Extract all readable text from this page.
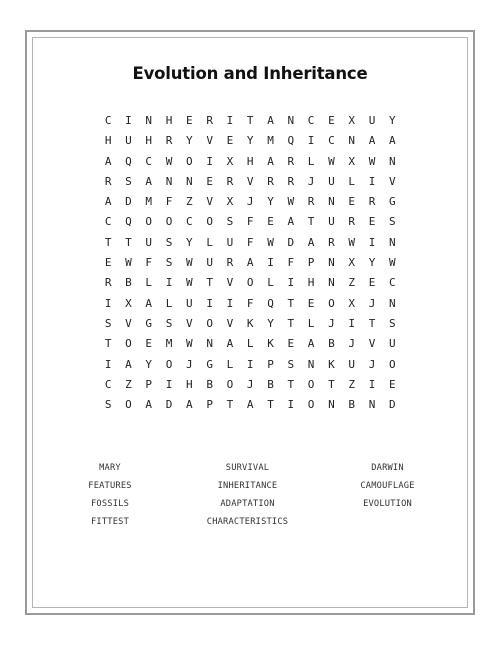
Evolution and Inheritance
C	I	N	H	E	R	I	T	A	N	C	E	X	U	Y
H	U	H	R	Y	V	E	Y	M	Q	I	C	N	A	A
A	Q	C	W	O	I	X	H	A	R	L	W	X	W	N
R	S	A	N	N	E	R	V	R	R	J	U	L	I	V
A	D	M	F	Z	V	X	J	Y	W	R	N	E	R	G
C	Q	O	O	C	O	S	F	E	A	T	U	R	E	S
T	T	U	S	Y	L	U	F	W	D	A	R	W	I	N
E	W	F	S	W	U	R	A	I	F	P	N	X	Y	W
R	B	L	I	W	T	V	O	L	I	H	N	Z	E	C
I	X	A	L	U	I	I	F	Q	T	E	O	X	J	N
S	V	G	S	V	O	V	K	Y	T	L	J	I	T	S
T	O	E	M	W	N	A	L	K	E	A	B	J	V	U
I	A	Y	O	J	G	L	I	P	S	N	K	U	J	O
C	Z	P	I	H	B	O	J	B	T	O	T	Z	I	E
S	O	A	D	A	P	T	A	T	I	O	N	B	N	D
MARY	SURVIVAL	DARWIN
FEATURES	INHERITANCE	CAMOUFLAGE
FOSSILS	ADAPTATION	EVOLUTION
FITTEST	CHARACTERISTICS
